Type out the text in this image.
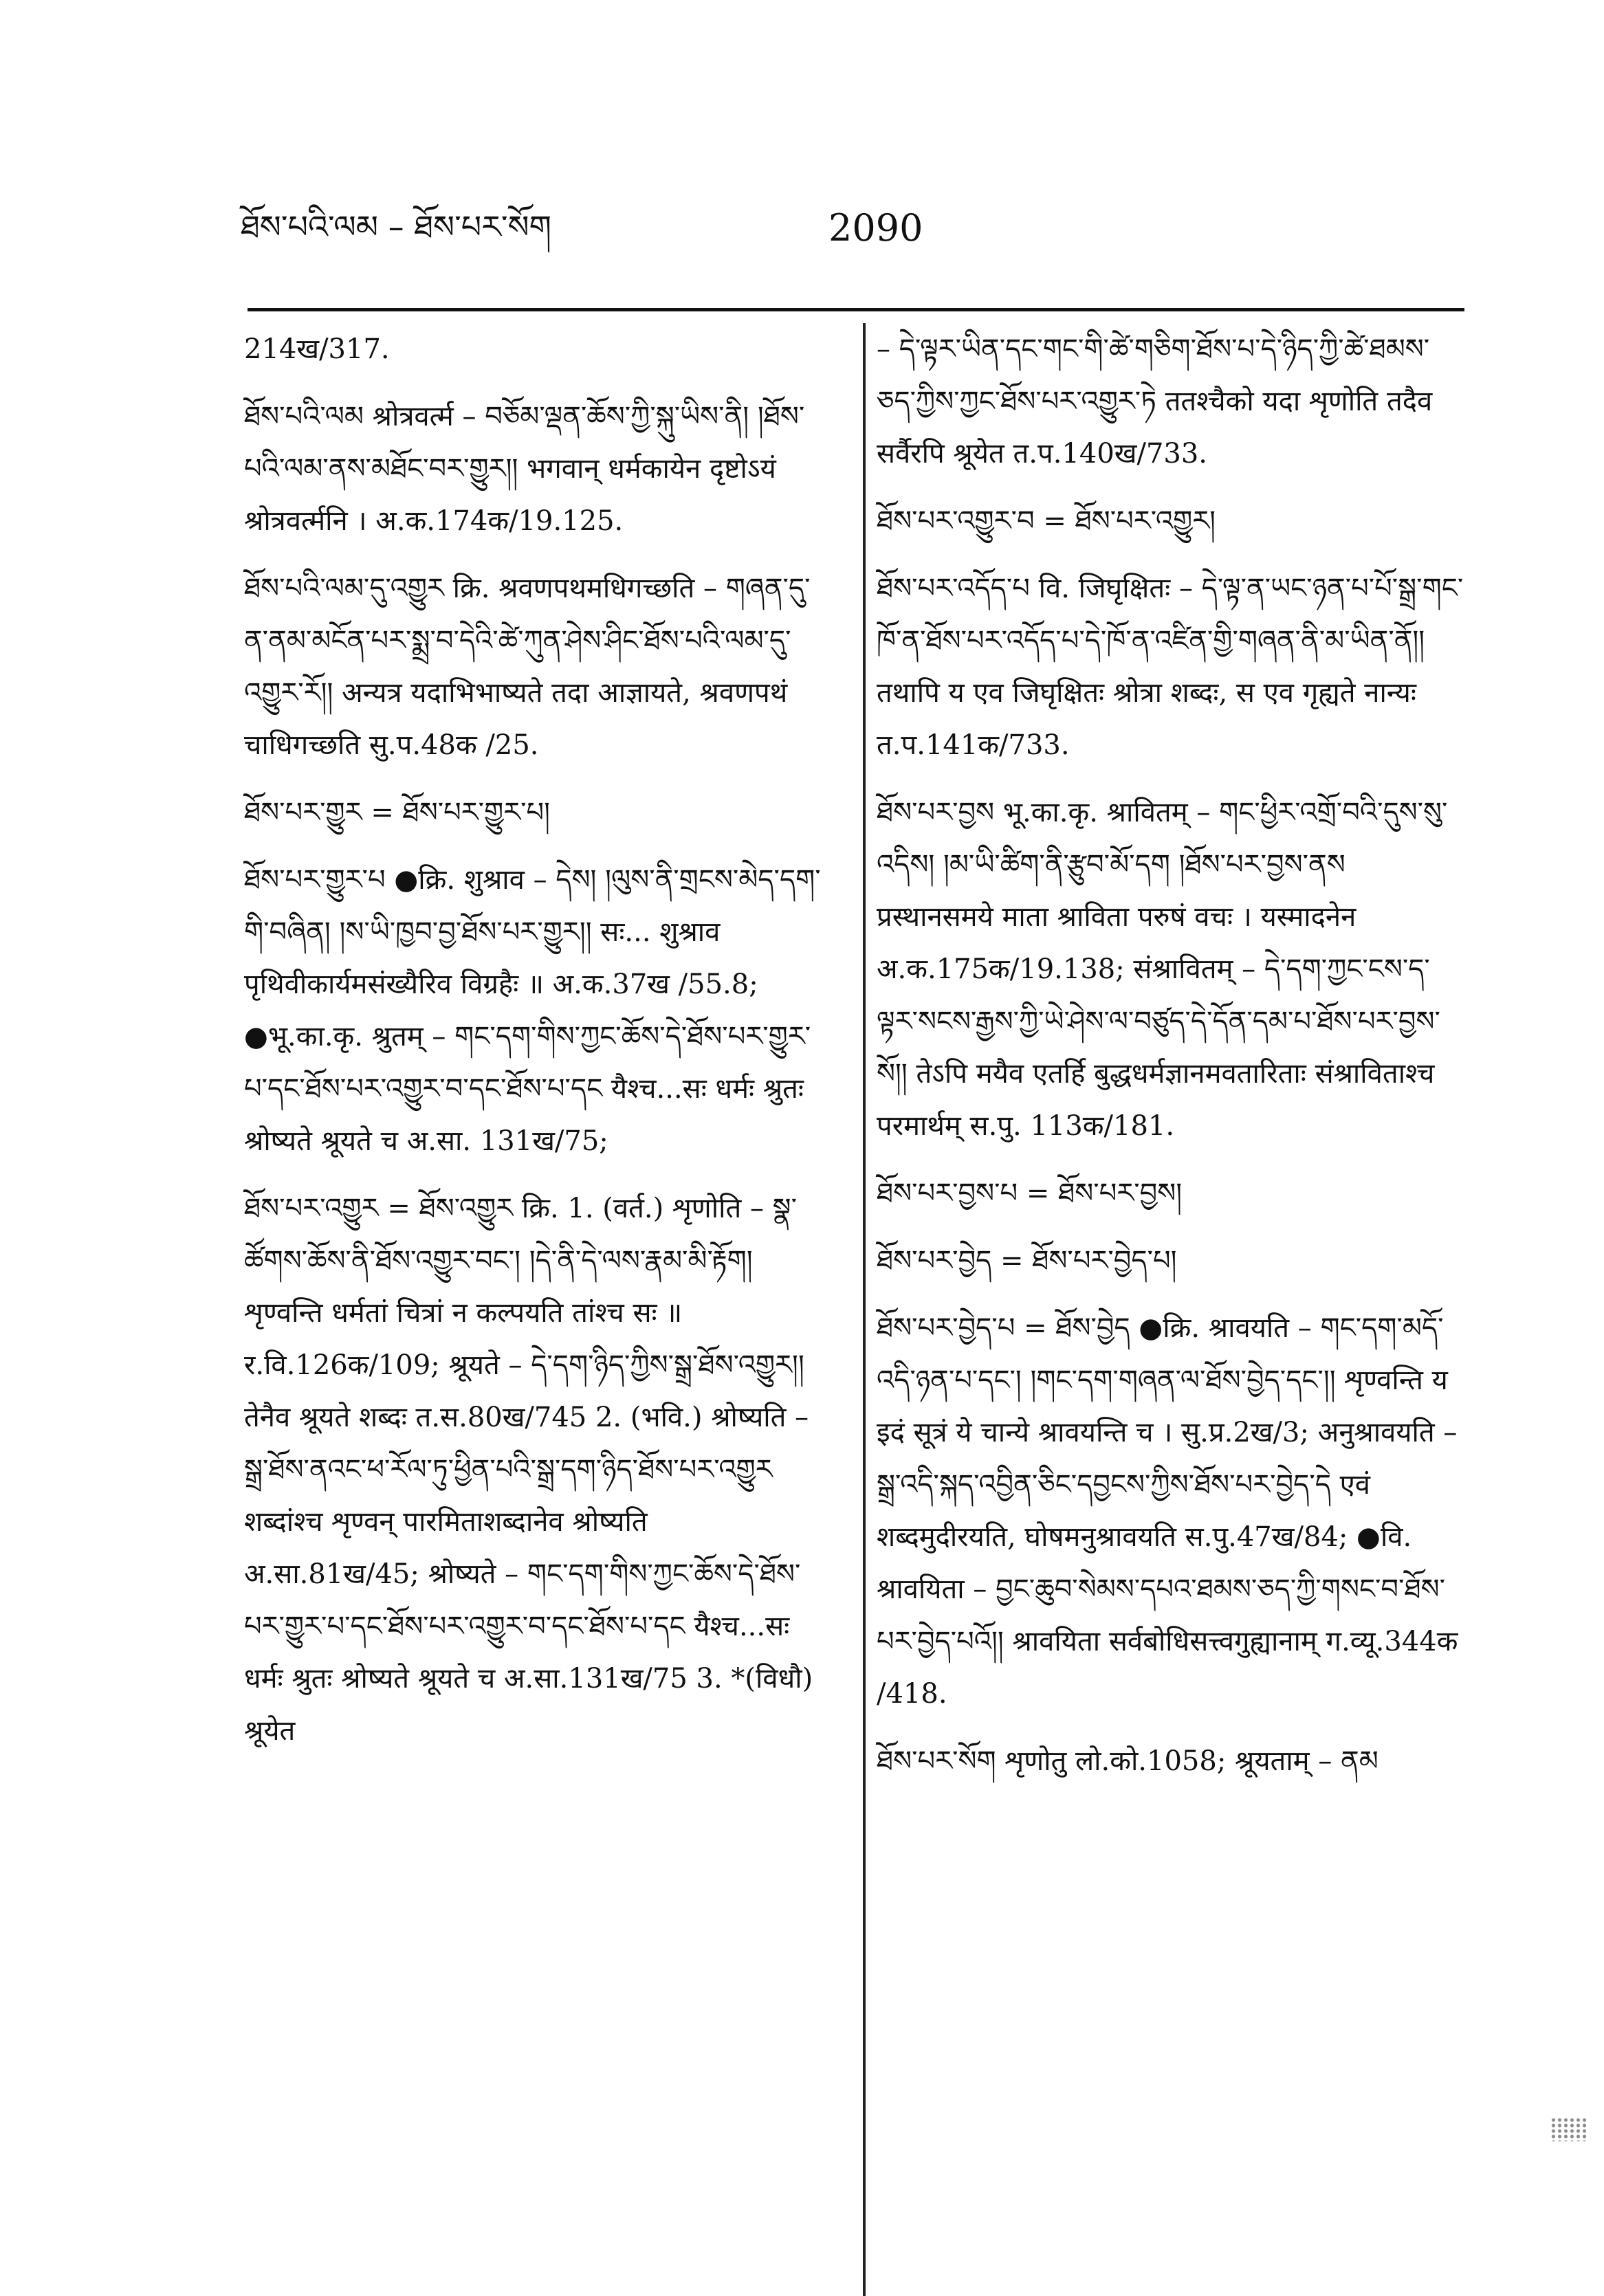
ཐོས་པའི་ལམ – ཐོས་པར་སོག	2090

214ख/317.

ཐོས་པའི་ལམ श्रोत्रवर्त्म – བཅོམ་ལྡན་ཆོས་ཀྱི་སྐུ་ཡིས་ནི། །ཐོས་པའི་ལམ་ནས་མཐོང་བར་གྱུར།། भगवान् धर्मकायेन दृष्टोऽयं श्रोत्रवर्त्मनि । अ.क.174क/19.125.

ཐོས་པའི་ལམ་དུ་འགྱུར क्रि. श्रवणपथमधिगच्छति – གཞན་དུ་ན་ནམ་མངོན་པར་སྨྲ་བ་དེའི་ཚེ་ཀུན་ཤེས་ཤིང་ཐོས་པའི་ལམ་དུ་འགྱུར་རོ།། अन्यत्र यदाभिभाष्यते तदा आज्ञायते, श्रवणपथं चाधिगच्छति सु.प.48क /25.

ཐོས་པར་གྱུར = ཐོས་པར་གྱུར་པ།

ཐོས་པར་གྱུར་པ ●क्रि. शुश्राव – དེས། །ལུས་ནི་གྲངས་མེད་དག་གི་བཞིན། །ས་ཡི་ཁྱབ་བྱ་ཐོས་པར་གྱུར།། सः... शुश्राव पृथिवीकार्यमसंख्यैरिव विग्रहैः ॥ अ.क.37ख /55.8; ●भू.का.कृ. श्रुतम् – གང་དག་གིས་ཀྱང་ཆོས་དེ་ཐོས་པར་གྱུར་པ་དང་ཐོས་པར་འགྱུར་བ་དང་ཐོས་པ་དང यैश्च...सः धर्मः श्रुतः श्रोष्यते श्रूयते च अ.सा. 131ख/75;

ཐོས་པར་འགྱུར = ཐོས་འགྱུར क्रि. 1. (वर्त.) शृणोति – སྣ་ཚོགས་ཆོས་ནི་ཐོས་འགྱུར་བང་། །དེ་ནི་དེ་ལས་རྣམ་མི་རྟོག། शृण्वन्ति धर्मतां चित्रां न कल्पयति तांश्च सः ॥ र.वि.126क/109; श्रूयते – དེ་དག་ཉིད་ཀྱིས་སྒྲ་ཐོས་འགྱུར།། तेनैव श्रूयते शब्दः त.स.80ख/745 2. (भवि.) श्रोष्यति – སྒྲ་ཐོས་ནའང་ཕ་རོལ་ཏུ་ཕྱིན་པའི་སྒྲ་དག་ཉིད་ཐོས་པར་འགྱུར शब्दांश्च शृण्वन् पारमिताशब्दानेव श्रोष्यति अ.सा.81ख/45; श्रोष्यते – གང་དག་གིས་ཀྱང་ཆོས་དེ་ཐོས་པར་གྱུར་པ་དང་ཐོས་པར་འགྱུར་བ་དང་ཐོས་པ་དང यैश्च...सः धर्मः श्रुतः श्रोष्यते श्रूयते च अ.सा.131ख/75 3. *(विधौ) श्रूयेत

– དེ་ལྟར་ཡིན་དང་གང་གི་ཚེ་གཅིག་ཐོས་པ་དེ་ཉིད་ཀྱི་ཚེ་ཐམས་ཅད་ཀྱིས་ཀྱང་ཐོས་པར་འགྱུར་ཏེ ततश्चैको यदा शृणोति तदैव सर्वैरपि श्रूयेत त.प.140ख/733.

ཐོས་པར་འགྱུར་བ = ཐོས་པར་འགྱུར།

ཐོས་པར་འདོད་པ वि. जिघृक्षितः – དེ་ལྟ་ན་ཡང་ཉན་པ་པོ་སྒྲ་གང་ཁོ་ན་ཐོས་པར་འདོད་པ་དེ་ཁོ་ན་འཛིན་གྱི་གཞན་ནི་མ་ཡིན་ནོ།། तथापि य एव जिघृक्षितः श्रोत्रा शब्दः, स एव गृह्यते नान्यः त.प.141क/733.

ཐོས་པར་བྱས भू.का.कृ. श्रावितम् – གང་ཕྱིར་འགྲོ་བའི་དུས་སུ་འདིས། །མ་ཡི་ཚིག་ནི་རྩུབ་མོ་དག །ཐོས་པར་བྱས་ནས प्रस्थानसमये माता श्राविता परुषं वचः । यस्मादनेन अ.क.175क/19.138; संश्रावितम् – དེ་དག་ཀྱང་ངས་ད་ལྟར་སངས་རྒྱས་ཀྱི་ཡེ་ཤེས་ལ་བཙུད་དེ་དོན་དམ་པ་ཐོས་པར་བྱས་སོ།། तेऽपि मयैव एतर्हि बुद्धधर्मज्ञानमवतारिताः संश्राविताश्च परमार्थम् स.पु. 113क/181.

ཐོས་པར་བྱས་པ = ཐོས་པར་བྱས།

ཐོས་པར་བྱེད = ཐོས་པར་བྱེད་པ།

ཐོས་པར་བྱེད་པ = ཐོས་བྱེད ●क्रि. श्रावयति – གང་དག་མདོ་འདི་ཉན་པ་དང་། །གང་དག་གཞན་ལ་ཐོས་བྱེད་དང་།། शृण्वन्ति य इदं सूत्रं ये चान्ये श्रावयन्ति च । सु.प्र.2ख/3; अनुश्रावयति – སྒྲ་འདི་སྐད་འབྱིན་ཅིང་དབྱངས་ཀྱིས་ཐོས་པར་བྱེད་དེ एवं शब्दमुदीरयति, घोषमनुश्रावयति स.पु.47ख/84; ●वि. श्रावयिता – བྱང་ཆུབ་སེམས་དཔའ་ཐམས་ཅད་ཀྱི་གསང་བ་ཐོས་པར་བྱེད་པའོ།། श्रावयिता सर्वबोधिसत्त्वगुह्यानाम् ग.व्यू.344क /418.

ཐོས་པར་སོག शृणोतु लो.को.1058; श्रूयताम् – ནམ
